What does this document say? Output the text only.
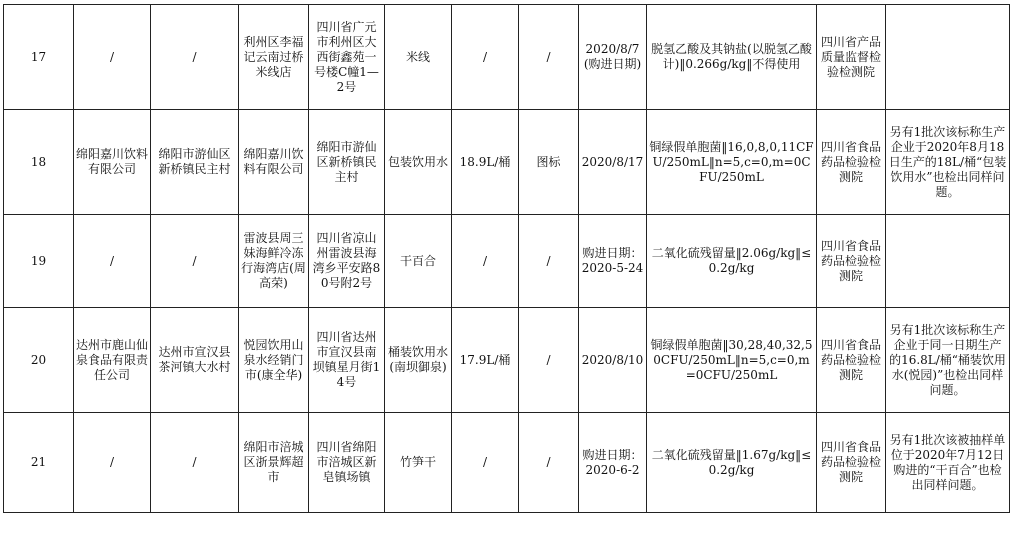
17	/	/	利州区李福记云南过桥米线店	四川省广元市利州区大西街鑫苑一号楼C幢1—2号	米线	/	/	2020/8/7(购进日期)	脱氢乙酸及其钠盐(以脱氢乙酸计)‖0.266g/kg‖不得使用	四川省产品质量监督检验检测院	
18	绵阳嘉川饮料有限公司	绵阳市游仙区新桥镇民主村	绵阳嘉川饮料有限公司	绵阳市游仙区新桥镇民主村	包装饮用水	18.9L/桶	图标	2020/8/17	铜绿假单胞菌‖16,0,8,0,11CFU/250mL‖n=5,c=0,m=0CFU/250mL	四川省食品药品检验检测院	另有1批次该标称生产企业于2020年8月18日生产的18L/桶“包装饮用水”也检出同样问题。
19	/	/	雷波县周三妹海鲜冷冻行海湾店(周高荣)	四川省凉山州雷波县海湾乡平安路80号附2号	干百合	/	/	购进日期：2020-5-24	二氧化硫残留量‖2.06g/kg‖≤0.2g/kg	四川省食品药品检验检测院	
20	达州市鹿山仙泉食品有限责任公司	达州市宣汉县茶河镇大水村	悦园饮用山泉水经销门市(康全华)	四川省达州市宣汉县南坝镇星月街14号	桶装饮用水(南坝御泉)	17.9L/桶	/	2020/8/10	铜绿假单胞菌‖30,28,40,32,50CFU/250mL‖n=5,c=0,m=0CFU/250mL	四川省食品药品检验检测院	另有1批次该标称生产企业于同一日期生产的16.8L/桶“桶装饮用水(悦园)”也检出同样问题。
21	/	/	绵阳市涪城区浙景辉超市	四川省绵阳市涪城区新皂镇场镇	竹笋干	/	/	购进日期：2020-6-2	二氧化硫残留量‖1.67g/kg‖≤0.2g/kg	四川省食品药品检验检测院	另有1批次该被抽样单位于2020年7月12日购进的“干百合”也检出同样问题。
